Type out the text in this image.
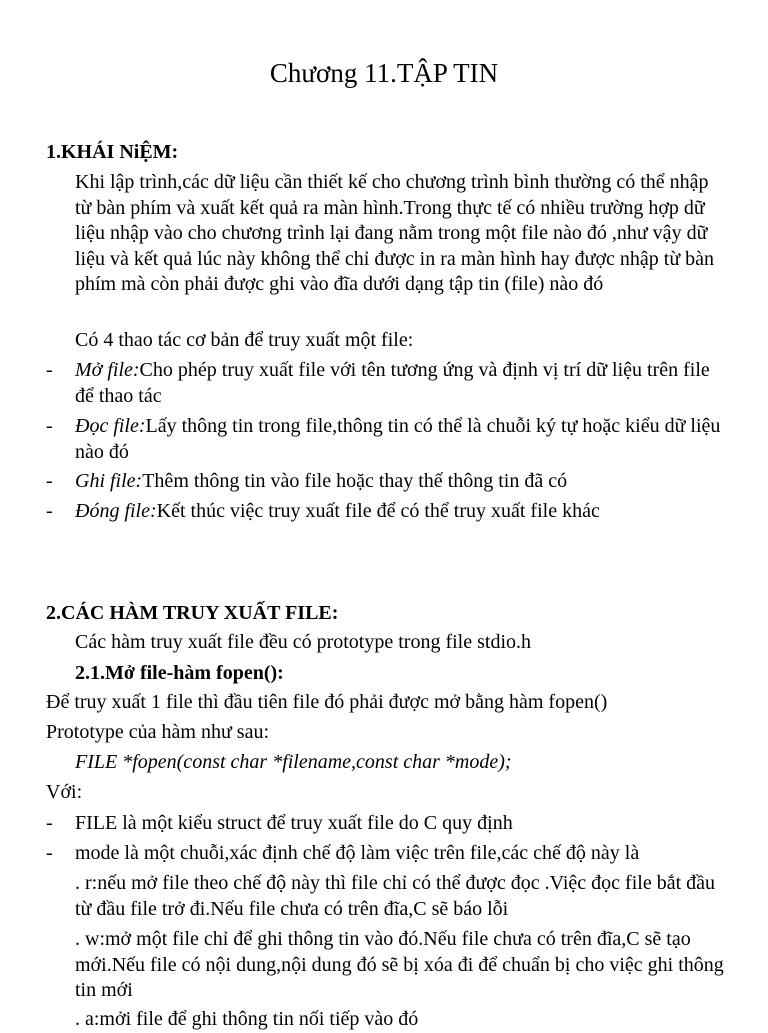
Chương 11.TẬP TIN
1.KHÁI NiỆM:

Khi lập trình,các dữ liệu cần thiết kế cho chương trình bình thường có thể nhập từ bàn phím và xuất kết quả ra màn hình.Trong thực tế có nhiều trường hợp dữ liệu nhập vào cho chương trình lại đang nằm trong một file nào đó ,như vậy dữ liệu và kết quả lúc này không thể chỉ được in ra màn hình hay được nhập từ bàn phím mà còn phải được ghi vào đĩa dưới dạng tập tin (file) nào đó

Có 4 thao tác cơ bản để truy xuất một file:

- Mở file:Cho phép truy xuất file với tên tương ứng và định vị trí dữ liệu trên file để thao tác
- Đọc file:Lấy thông tin trong file,thông tin có thể là chuỗi ký tự hoặc kiểu dữ liệu nào đó
- Ghi file:Thêm thông tin vào file hoặc thay thế thông tin đã có
- Đóng file:Kết thúc việc truy xuất file để có thể truy xuất file khác
2.CÁC HÀM TRUY XUẤT FILE:

Các hàm truy xuất file đều có prototype trong file stdio.h

2.1.Mở file-hàm fopen():

Để truy xuất 1 file thì đầu tiên file đó phải được mở bằng hàm fopen()

Prototype của hàm như sau:

FILE *fopen(const char *filename,const char *mode);

Với:

- FILE là một kiểu struct để truy xuất file do C quy định
- mode là một chuỗi,xác định chế độ làm việc trên file,các chế độ này là

. r:nếu mở file theo chế độ này thì file chỉ có thể được đọc .Việc đọc file bắt đầu từ đầu file trở đi.Nếu file chưa có trên đĩa,C sẽ báo lỗi

. w:mở một file chỉ để ghi thông tin vào đó.Nếu file chưa có trên đĩa,C sẽ tạo mới.Nếu file có nội dung,nội dung đó sẽ bị xóa đi để chuẩn bị cho việc ghi thông tin mới

. a:mởi file để ghi thông tin nối tiếp vào đó
